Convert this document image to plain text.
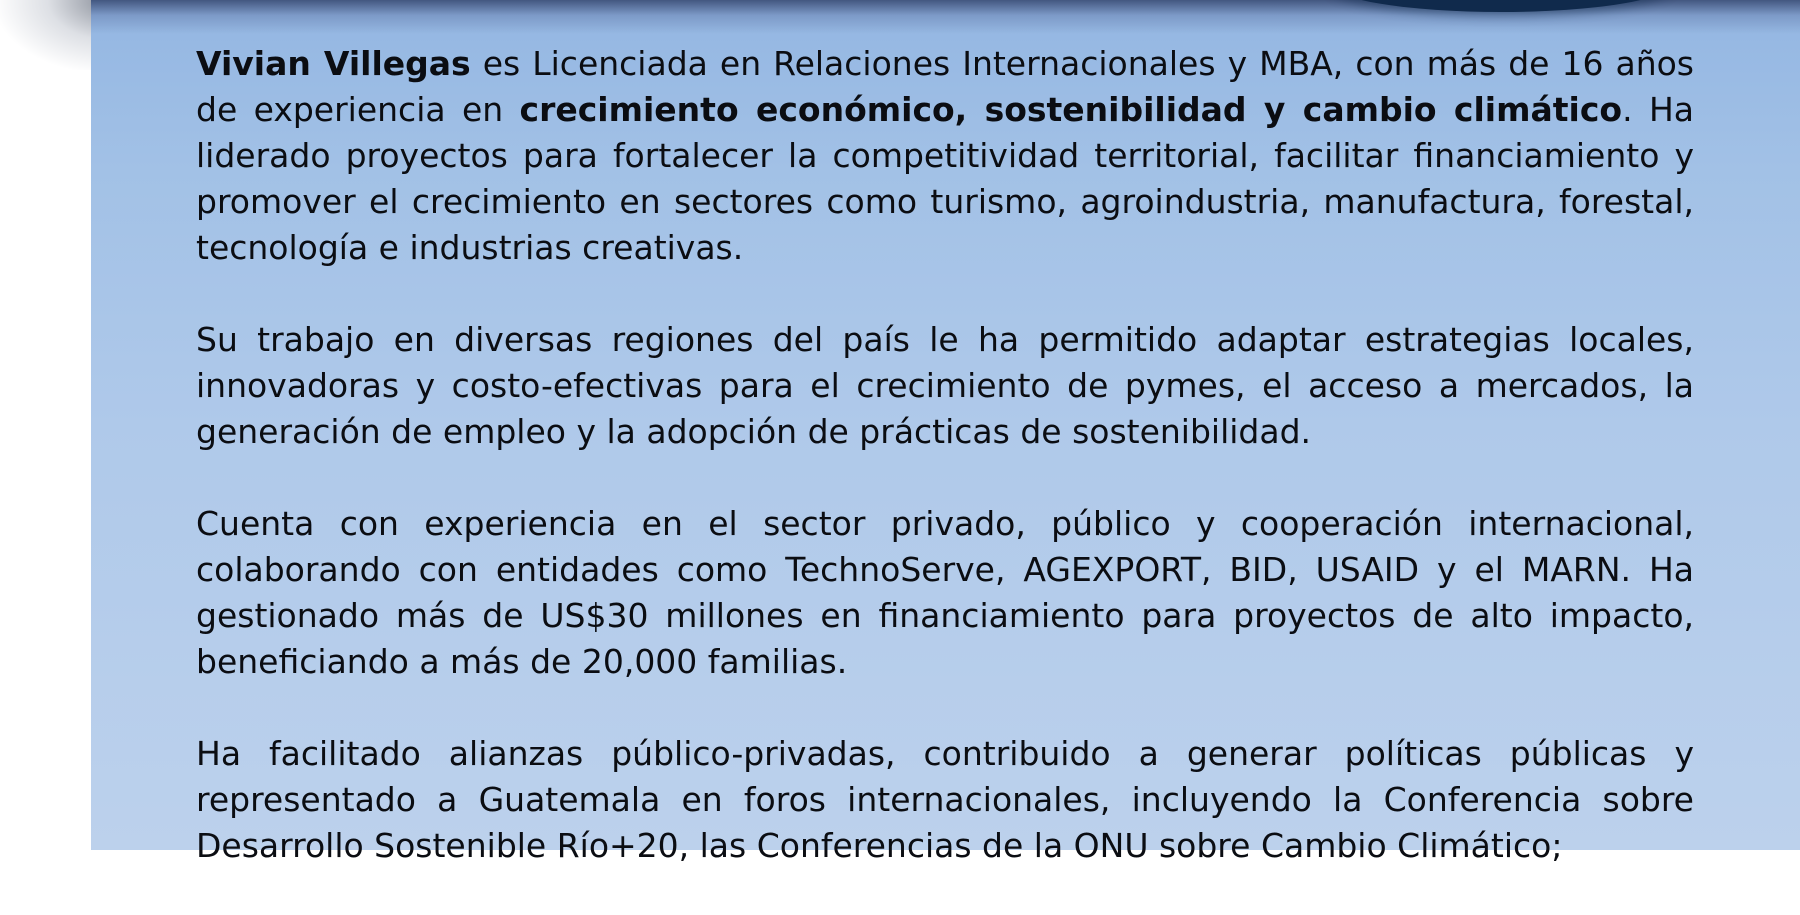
Vivian Villegas es Licenciada en Relaciones Internacionales y MBA, con más de 16 años de experiencia en crecimiento económico, sostenibilidad y cambio climático. Ha liderado proyectos para fortalecer la competitividad territorial, facilitar financiamiento y promover el crecimiento en sectores como turismo, agroindustria, manufactura, forestal, tecnología e industrias creativas.

Su trabajo en diversas regiones del país le ha permitido adaptar estrategias locales, innovadoras y costo-efectivas para el crecimiento de pymes, el acceso a mercados, la generación de empleo y la adopción de prácticas de sostenibilidad.

Cuenta con experiencia en el sector privado, público y cooperación internacional, colaborando con entidades como TechnoServe, AGEXPORT, BID, USAID y el MARN. Ha gestionado más de US$30 millones en financiamiento para proyectos de alto impacto, beneficiando a más de 20,000 familias.

Ha facilitado alianzas público-privadas, contribuido a generar políticas públicas y representado a Guatemala en foros internacionales, incluyendo la Conferencia sobre Desarrollo Sostenible Río+20, las Conferencias de la ONU sobre Cambio Climático;
